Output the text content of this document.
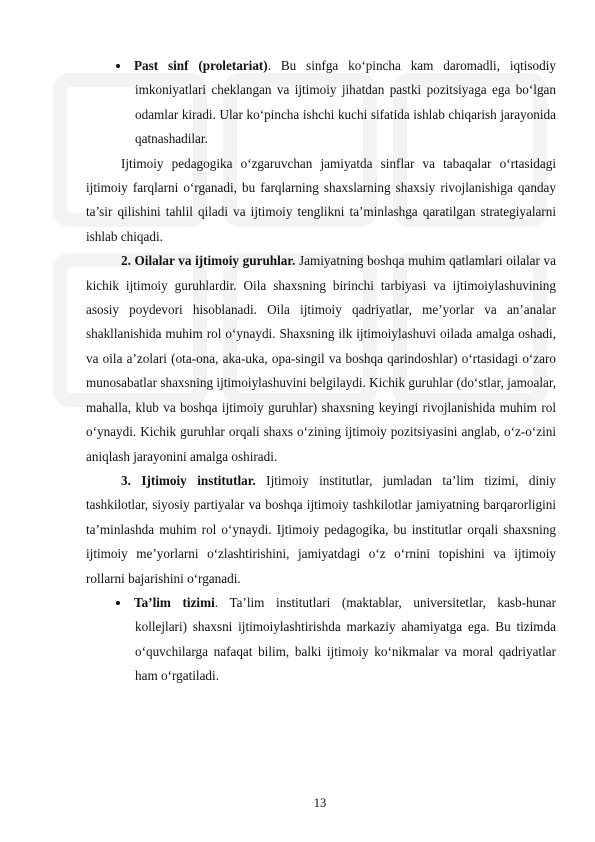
Past sinf (proletariat). Bu sinfga ko‘pincha kam daromadli, iqtisodiy imkoniyatlari cheklangan va ijtimoiy jihatdan pastki pozitsiyaga ega bo‘lgan odamlar kiradi. Ular ko‘pincha ishchi kuchi sifatida ishlab chiqarish jarayonida qatnashadilar.

Ijtimoiy pedagogika o‘zgaruvchan jamiyatda sinflar va tabaqalar o‘rtasidagi ijtimoiy farqlarni o‘rganadi, bu farqlarning shaxslarning shaxsiy rivojlanishiga qanday ta’sir qilishini tahlil qiladi va ijtimoiy tenglikni ta’minlashga qaratilgan strategiyalarni ishlab chiqadi.

2. Oilalar va ijtimoiy guruhlar. Jamiyatning boshqa muhim qatlamlari oilalar va kichik ijtimoiy guruhlardir. Oila shaxsning birinchi tarbiyasi va ijtimoiylashuvining asosiy poydevori hisoblanadi. Oila ijtimoiy qadriyatlar, me’yorlar va an’analar shakllanishida muhim rol o‘ynaydi. Shaxsning ilk ijtimoiylashuvi oilada amalga oshadi, va oila a’zolari (ota-ona, aka-uka, opa-singil va boshqa qarindoshlar) o‘rtasidagi o‘zaro munosabatlar shaxsning ijtimoiylashuvini belgilaydi. Kichik guruhlar (do‘stlar, jamoalar, mahalla, klub va boshqa ijtimoiy guruhlar) shaxsning keyingi rivojlanishida muhim rol o‘ynaydi. Kichik guruhlar orqali shaxs o‘zining ijtimoiy pozitsiyasini anglab, o‘z-o‘zini aniqlash jarayonini amalga oshiradi.

3. Ijtimoiy institutlar. Ijtimoiy institutlar, jumladan ta’lim tizimi, diniy tashkilotlar, siyosiy partiyalar va boshqa ijtimoiy tashkilotlar jamiyatning barqarorligini ta’minlashda muhim rol o‘ynaydi. Ijtimoiy pedagogika, bu institutlar orqali shaxsning ijtimoiy me’yorlarni o‘zlashtirishini, jamiyatdagi o‘z o‘rnini topishini va ijtimoiy rollarni bajarishini o‘rganadi.

Ta’lim tizimi. Ta’lim institutlari (maktablar, universitetlar, kasb-hunar kollejlari) shaxsni ijtimoiylashtirishda markaziy ahamiyatga ega. Bu tizimda o‘quvchilarga nafaqat bilim, balki ijtimoiy ko‘nikmalar va moral qadriyatlar ham o‘rgatiladi.

13
